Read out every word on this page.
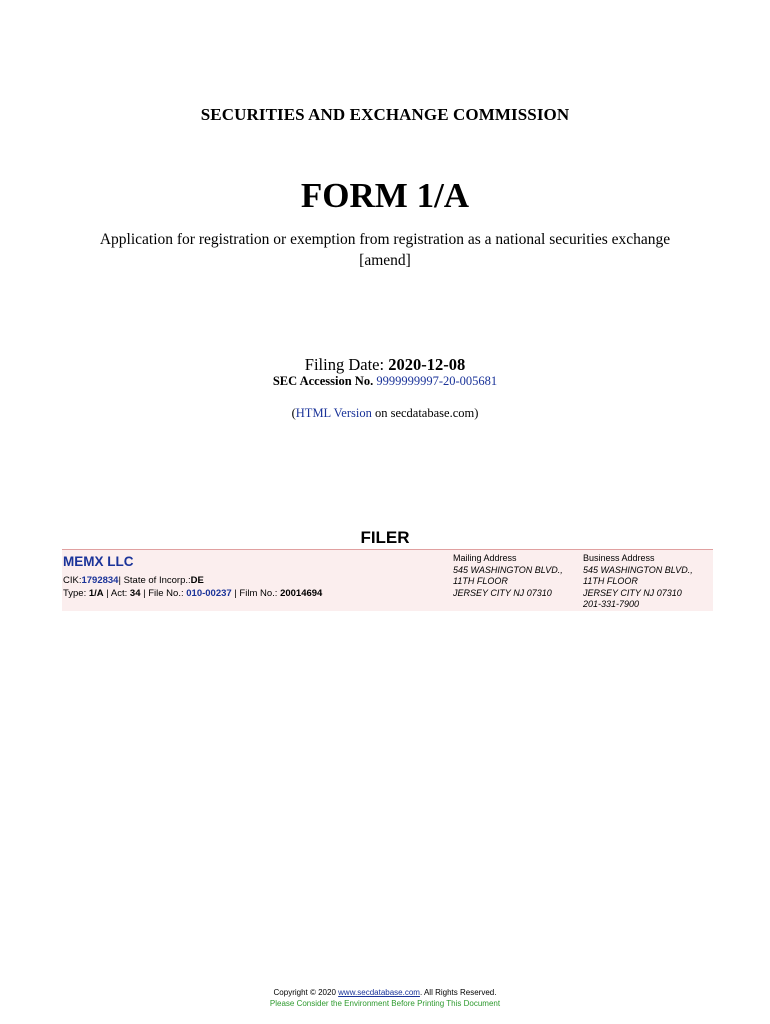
SECURITIES AND EXCHANGE COMMISSION
FORM 1/A
Application for registration or exemption from registration as a national securities exchange
[amend]
Filing Date: 2020-12-08
SEC Accession No. 9999999997-20-005681
(HTML Version on secdatabase.com)
FILER
MEMX LLC
CIK:1792834| State of Incorp.:DE
Type: 1/A | Act: 34 | File No.: 010-00237 | Film No.: 20014694
Mailing Address
545 WASHINGTON BLVD.,
11TH FLOOR
JERSEY CITY NJ 07310
Business Address
545 WASHINGTON BLVD.,
11TH FLOOR
JERSEY CITY NJ 07310
201-331-7900
Copyright © 2020 www.secdatabase.com. All Rights Reserved.
Please Consider the Environment Before Printing This Document
